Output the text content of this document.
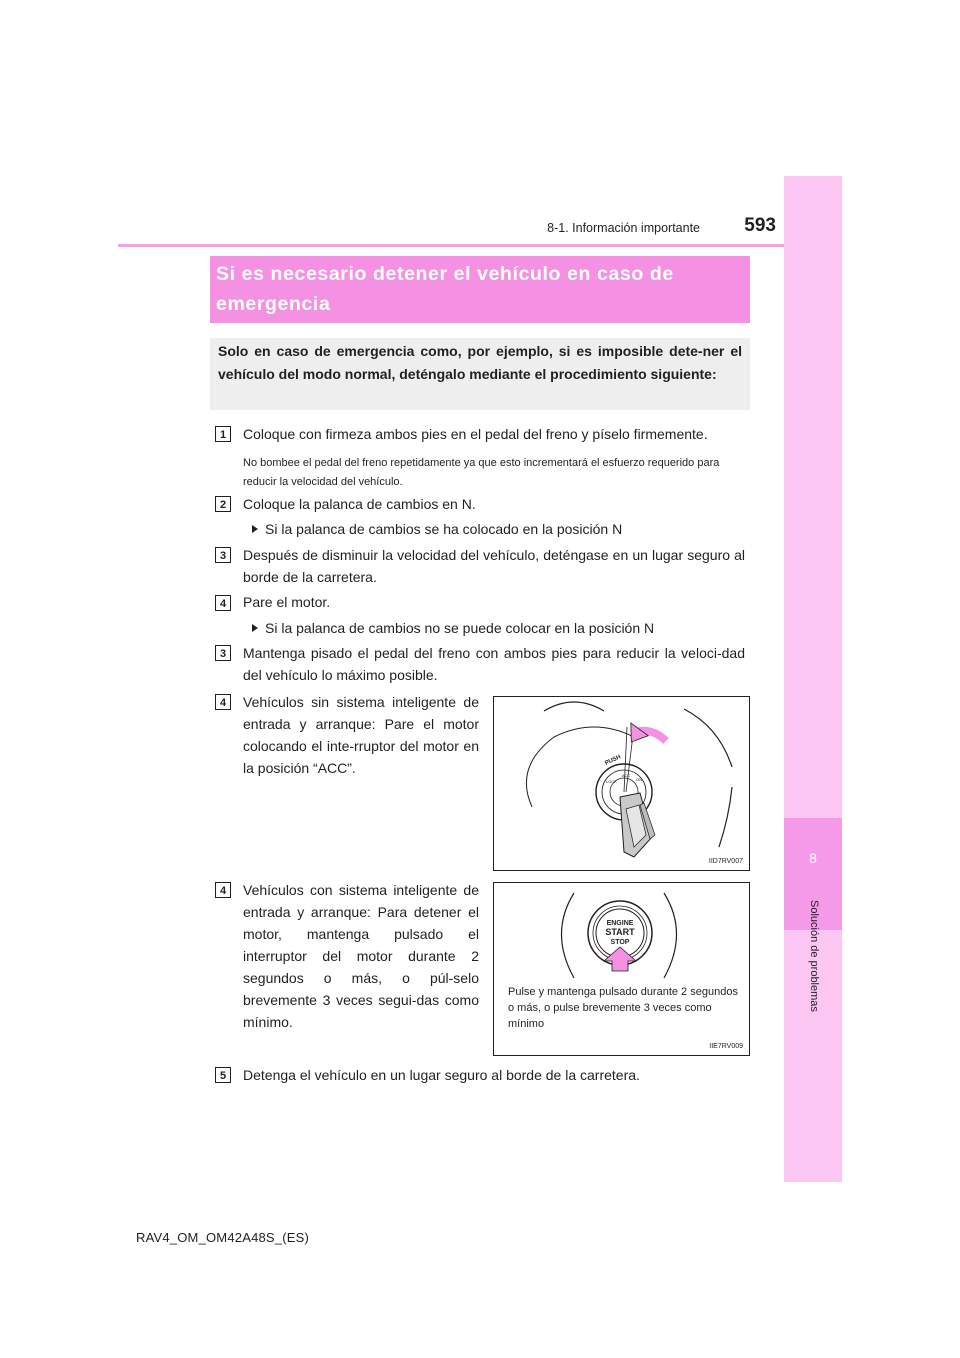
8
Solución de problemas
8-1. Información importante	593
Si es necesario detener el vehículo en caso de emergencia
Solo en caso de emergencia como, por ejemplo, si es imposible dete-ner el vehículo del modo normal, deténgalo mediante el procedimiento siguiente:
1	Coloque con firmeza ambos pies en el pedal del freno y píselo firmemente.
No bombee el pedal del freno repetidamente ya que esto incrementará el esfuerzo requerido para reducir la velocidad del vehículo.
2	Coloque la palanca de cambios en N.
Si la palanca de cambios se ha colocado en la posición N
3	Después de disminuir la velocidad del vehículo, deténgase en un lugar seguro al borde de la carretera.
4	Pare el motor.
Si la palanca de cambios no se puede colocar en la posición N
3	Mantenga pisado el pedal del freno con ambos pies para reducir la veloci-dad del vehículo lo máximo posible.
4	Vehículos sin sistema inteligente de entrada y arranque: Pare el motor colocando el inte-rruptor del motor en la posición “ACC”.	PUSH
LOCK
ACC
ON
IID7RV007
4	Vehículos con sistema inteligente de entrada y arranque: Para detener el motor, mantenga pulsado el interruptor del motor durante 2 segundos o más, o púl-selo brevemente 3 veces segui-das como mínimo.
ENGINE
START
STOP
IIE7RV009
Pulse y mantenga pulsado durante 2 segundos o más, o pulse brevemente 3 veces como mínimo
5	Detenga el vehículo en un lugar seguro al borde de la carretera.
RAV4_OM_OM42A48S_(ES)
